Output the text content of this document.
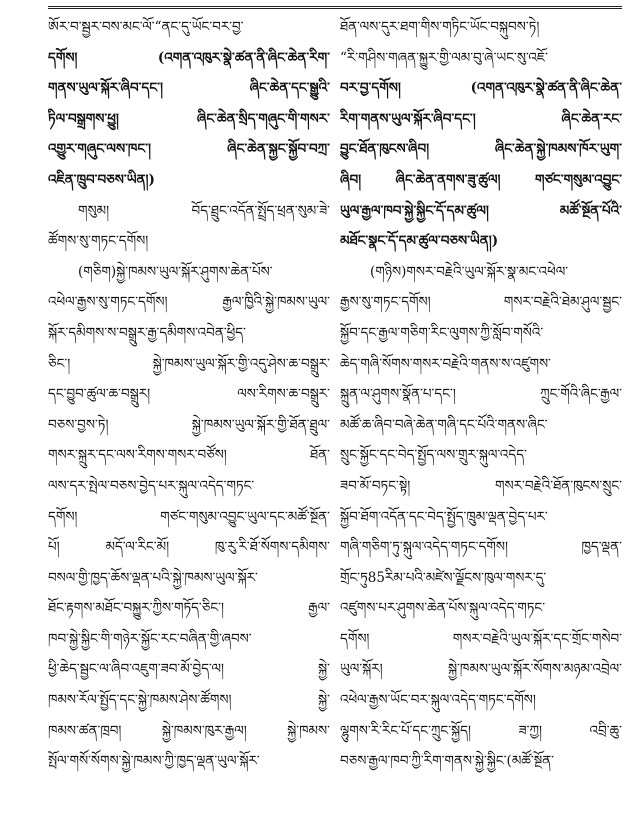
ཨོར་བ་སྦྱར་བས་མང་ལོ་“ནང་དུ་ཡོང་བར་བྱ་
དགོས། (འགན་འཁུར་སྣེ་ཚན་ནི་ཞིང་ཆེན་རིག་
གནས་ཡུལ་སྐོར་ཞིབ་དང་། ཞིང་ཆེན་དང་སྒྱུའི་
ཏིལ་བསྒྲགས་ཕྱུ། ཞིང་ཆེན་སྲིད་གཞུང་གི་གསར་
འགྱུར་གཞུང་ལས་ཁང་། ཞིང་ཆེན་སྐྱང་སྐྱོབ་བཀྲ་
འཇིན་ཁྲུབ་བཅས་ཡིན།)
གསུམ། བོད་ཐྲུང་འདོན་སྤྲོད་ཕྲན་སུམ་ཟེ་
ཚོགས་སུ་གཏང་དགོས།
(གཅིག)སྐྱེ་ཁམས་ཡུལ་སྐོར་ཤུགས་ཆེན་པོས་
འཕེལ་རྒྱས་སུ་གཏང་དགོས། རྒྱལ་ཁྱིའི་སྐྱེ་ཁམས་ཡུལ་
སྐོར་དམིགས་ས་བསྒྲུར་རྒྱ་དམིགས་འབེན་ཕྱིད་
ཅིང་། སྐྱེ་ཁམས་ཡུལ་སྐོར་གྱི་འདུ་ཤེས་ཆ་བསྒྲུར་
དང་བྱུབ་ཚུལ་ཆ་བསྒྲུར། ལས་རིགས་ཆ་བསྒྲུར་
བཅས་བྱས་ཏེ། སྐྱེ་ཁམས་ཡུལ་སྐོར་གྱི་ཐོན་ཐྲུལ་
གསར་སྐྲུར་དང་ལས་རིགས་གསར་བཙོས། ཐོན་
ལས་དར་སྤེལ་བཅས་བྱེད་པར་སྐུལ་འདེད་གཏང་
དགོས། གཙང་གསུམ་འབྱུང་ཡུལ་དང་མཚོ་སྔོན་
པོ། མདོ་ལ་རིང་མོ། ཁུ་རུ་རི་ཐོ་སོགས་དམིགས་
བསལ་གྱི་ཁྱད་ཆོས་ལྡན་པའི་སྐྱེ་ཁམས་ཡུལ་སྐོར་
ཐོང་རྟགས་མཐོང་བསྐྱུར་ཀྱིས་གཏོད་ཅིང་། རྒྱལ་
ཁབ་སྐྱེ་སྐྱིང་གི་གཉེར་སྐྱོང་རང་བཞིན་གྱི་ཞབས་
ཕྱི་ཆེད་སྦྱང་ལ་ཞིབ་འཇུག་ཟབ་མོ་བྱེད་ལ། སྐྱེ་
ཁམས་རོལ་སྤྱོད་དང་སྐྱེ་ཁམས་ཤེས་ཚོགས། སྐྱེ་
ཁམས་ཚན་ཁྲབ། སྐྱེ་ཁམས་ཁུར་རྒྱལ། སྐྱེ་ཁམས་
སྤོལ་གསོ་སོགས་སྐྱེ་ཁམས་ཀྱི་ཁྱད་ལྡན་ཡུལ་སྐོར་
ཐོན་ལས་དུར་ཐག་གིས་གཏིང་ཡོང་བསྐུབས་ཏེ།
“རི་གཤིས་གཞན་སྐྱུར་གྱི་ལམ་བུ་ཞེ་ཡང་སུ་འཇོ་
བར་བྱ་དགོས། (འགན་འཁུར་སྣེ་ཚན་ནི་ཞིང་ཆེན་
རིག་གནས་ཡུལ་སྐོར་ཞིབ་དང་། ཞིང་ཆེན་རང་
བྱུང་ཐོན་ཁུངས་ཞིབ། ཞིང་ཆེན་སྐྱེ་ཁམས་ཁོར་ཡུག་
ཞིབ། ཞིང་ཆེན་ནགས་ཟུ་ཚུལ། གཙང་གསུམ་འབྱུང་
ཡུལ་རྒྱལ་ཁབ་སྐྱེ་སྐྱིང་དོ་དམ་ཚུལ། མཚོ་སྔོན་པོའི་
མཐོང་སྣང་དོ་དམ་ཚུལ་བཅས་ཡིན།)
(གཉིས)གསར་བརྗེའི་ཡུལ་སྐོར་སྣ་མང་འཕེལ་
རྒྱས་སུ་གཏང་དགོས། གསར་བརྗེའི་ཐེམ་ཤུལ་སྦྱང་
སྐྱོབ་དང་རྒྱལ་གཅིག་རིང་ལུགས་ཀྱི་སློབ་གསོའི་
ཆེད་གཞི་སོགས་གསར་བརྗེའི་གནས་ས་འཛུགས་
སྐྲུན་ལ་ཤུགས་སྣོན་པ་དང་། ཀྲུང་གོའི་ཞིང་རྒྱལ་
མཚོ་ཆ་ཞིབ་བཞེ་ཆེན་གཞི་དང་པོའི་གནས་ཞིང་
སྲུང་སྐྱོང་དང་བེད་སྤྱོད་ལས་གྲུར་སྐུལ་འདེད་
ཟབ་མོ་བཏང་སྟེ། གསར་བརྗེའི་ཐོན་ཁུངས་སྲུང་
སྐྱོབ་ཐོག་འདོན་དང་བེད་སྤྱོད་ཁྲུམ་ལྡན་བྱེད་པར་
གཞི་གཅིག་ཏུ་སྐུལ་འདེད་གཏང་དགོས། ཁྱད་ལྡན་
གྲོང་ཏུ85རིམ་པའི་མཛེས་ལྗོངས་ཁུལ་གསར་དུ་
འཛུགས་པར་ཤུགས་ཆེན་པོས་སྐུལ་འདེད་གཏང་
དགོས། གསར་བརྗེའི་ཡུལ་སྐོར་དང་གྲོང་གསེབ་
ཡུལ་སྐོར། སྐྱེ་ཁམས་ཡུལ་སྐོར་སོགས་མཉམ་འབྲེལ་
འཕེལ་རྒྱས་ཡོང་བར་སྐུལ་འདེད་གཏང་དགོས།
ལྷུགས་རི་རིང་པོ་དང་ཀྲུང་སྐྱོད། ཟ་ཀྱ། འབྲི་ཆུ་
བཅས་རྒྱལ་ཁབ་ཀྱི་རིག་གནས་སྐྱེ་སྐྱིང་(མཚོ་སྔོན་
